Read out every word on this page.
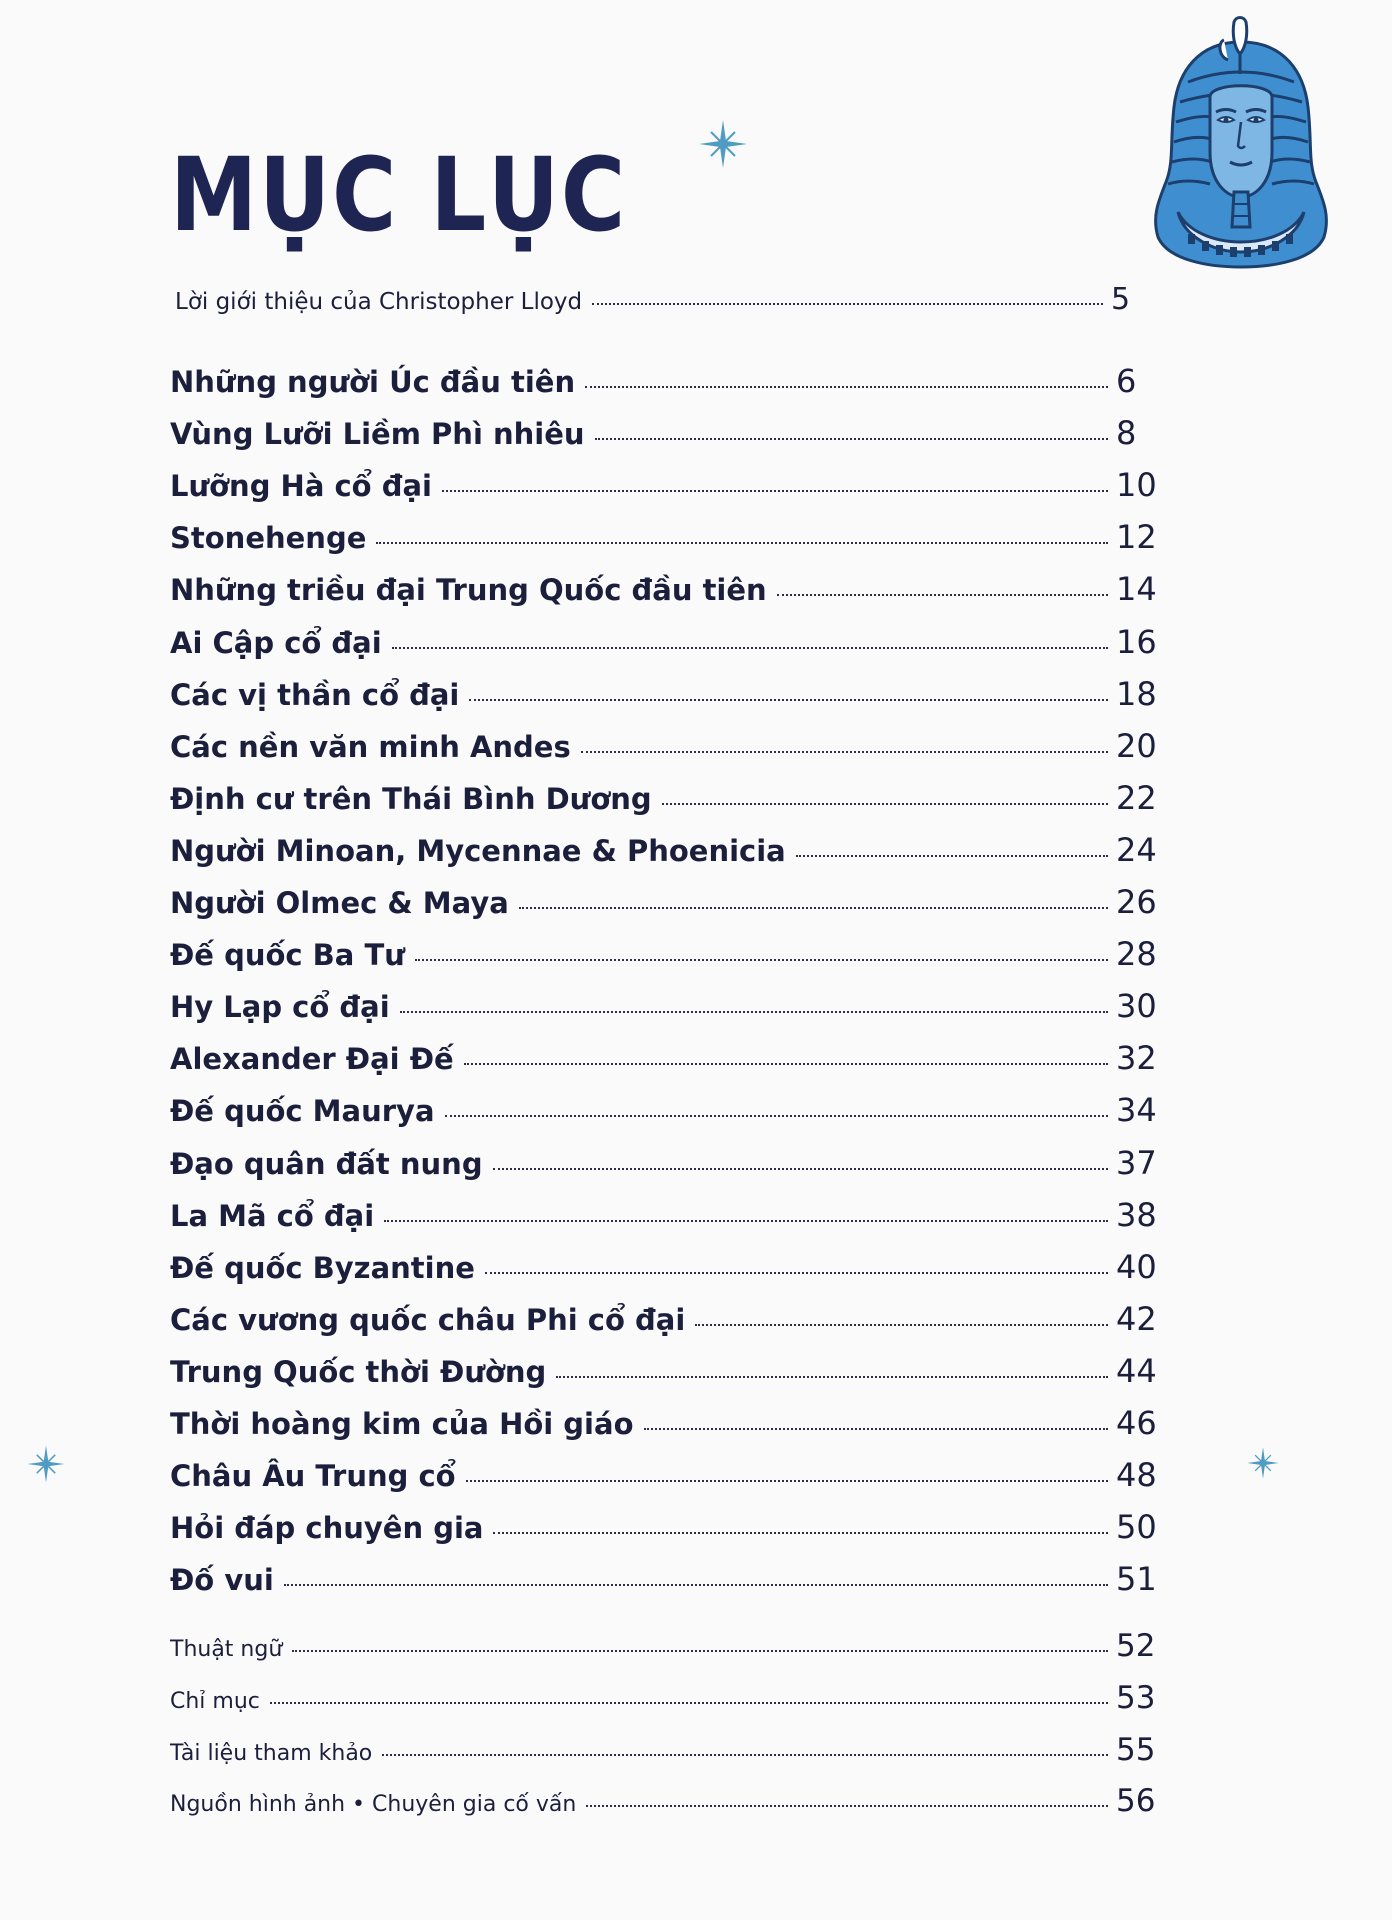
MỤC LỤC
Lời giới thiệu của Christopher Lloyd	5
Những người Úc đầu tiên	6
Vùng Lưỡi Liềm Phì nhiêu	8
Lưỡng Hà cổ đại	10
Stonehenge	12
Những triều đại Trung Quốc đầu tiên	14
Ai Cập cổ đại	16
Các vị thần cổ đại	18
Các nền văn minh Andes	20
Định cư trên Thái Bình Dương	22
Người Minoan, Mycennae & Phoenicia	24
Người Olmec & Maya	26
Đế quốc Ba Tư	28
Hy Lạp cổ đại	30
Alexander Đại Đế	32
Đế quốc Maurya	34
Đạo quân đất nung	37
La Mã cổ đại	38
Đế quốc Byzantine	40
Các vương quốc châu Phi cổ đại	42
Trung Quốc thời Đường	44
Thời hoàng kim của Hồi giáo	46
Châu Âu Trung cổ	48
Hỏi đáp chuyên gia	50
Đố vui	51
Thuật ngữ	52
Chỉ mục	53
Tài liệu tham khảo	55
Nguồn hình ảnh • Chuyên gia cố vấn	56
